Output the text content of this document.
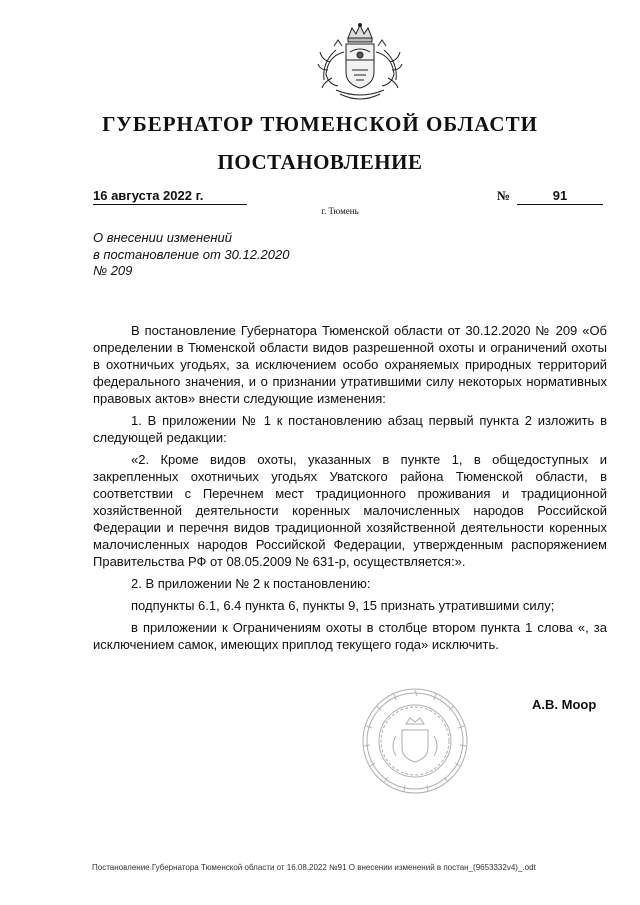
ГУБЕРНАТОР ТЮМЕНСКОЙ ОБЛАСТИ
ПОСТАНОВЛЕНИЕ
16 августа 2022 г.	№	91
г. Тюмень
О внесении изменений
в постановление от 30.12.2020
№ 209

В постановление Губернатора Тюменской области от 30.12.2020 № 209 «Об определении в Тюменской области видов разрешенной охоты и ограничений охоты в охотничьих угодьях, за исключением особо охраняемых природных территорий федерального значения, и о признании утратившими силу некоторых нормативных правовых актов» внести следующие изменения:

1. В приложении № 1 к постановлению абзац первый пункта 2 изложить в следующей редакции:

«2. Кроме видов охоты, указанных в пункте 1, в общедоступных и закрепленных охотничьих угодьях Уватского района Тюменской области, в соответствии с Перечнем мест традиционного проживания и традиционной хозяйственной деятельности коренных малочисленных народов Российской Федерации и перечня видов традиционной хозяйственной деятельности коренных малочисленных народов Российской Федерации, утвержденным распоряжением Правительства РФ от 08.05.2009 № 631-р, осуществляется:».

2. В приложении № 2 к постановлению:

подпункты 6.1, 6.4 пункта 6, пункты 9, 15 признать утратившими силу;

в приложении к Ограничениям охоты в столбце втором пункта 1 слова «, за исключением самок, имеющих приплод текущего года» исключить.

А.В. Моор
Постановление Губернатора Тюменской области от 16.08.2022 №91 О внесении изменений в постан_(9653332v4)_.odt
